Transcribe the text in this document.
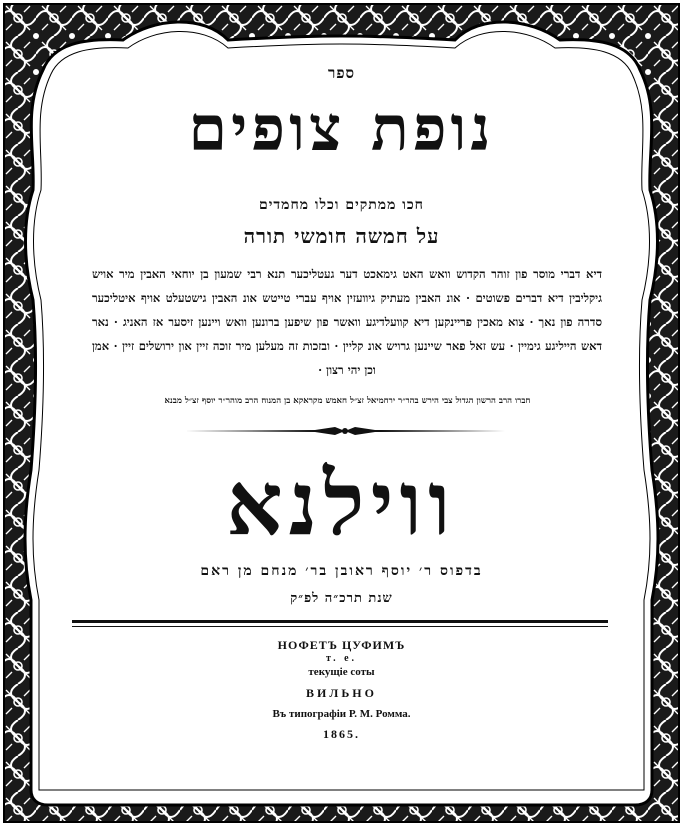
ספר
נופת צופים
חכו ממתקים וכלו מחמדים
על חמשה חומשי תורה
דיא דברי מוסר פון זוהר הקדוש וואש האט גימאכט דער געטליכער תנא רבי שמעון בן יוחאי האבין מיר אויש גיקליבין דיא דברים פשוטים · אונ האבין מעתיק גיוועזין אויף עברי טייטש אונ האבין גישטעלט אויף איטליכער סדרה פון נאך · צוא מאכין פריינקען דיא קוועלדיגע וואשר פון שיפען ברונען וואש ויינען זיסער אז האניג · נאר דאש הייליגע גימיין · עש זאל פאר שיינען גרויש אונ קליין · ובזכות זה מעלען מיר זוכה זיין און ירושלים זיין · אמן וכן יהי רצון ·
חברו הרב הרשון הגדול צבי הירש בהר״ר ירחמיאל זצ״ל חאמש מקראקא בן המנוח הרב מוהר״ר יוסף זצ״ל מבנא
ווילנא
בדפוס ר׳ יוסף ראובן בר׳ מנחם מן ראם
שנת תרכ״ה לפ״ק
НОФЕТЪ ЦУФИМЪ
т. е.
текущіе соты
ВИЛЬНО
Въ типографіи Р. М. Ромма.
1865.
